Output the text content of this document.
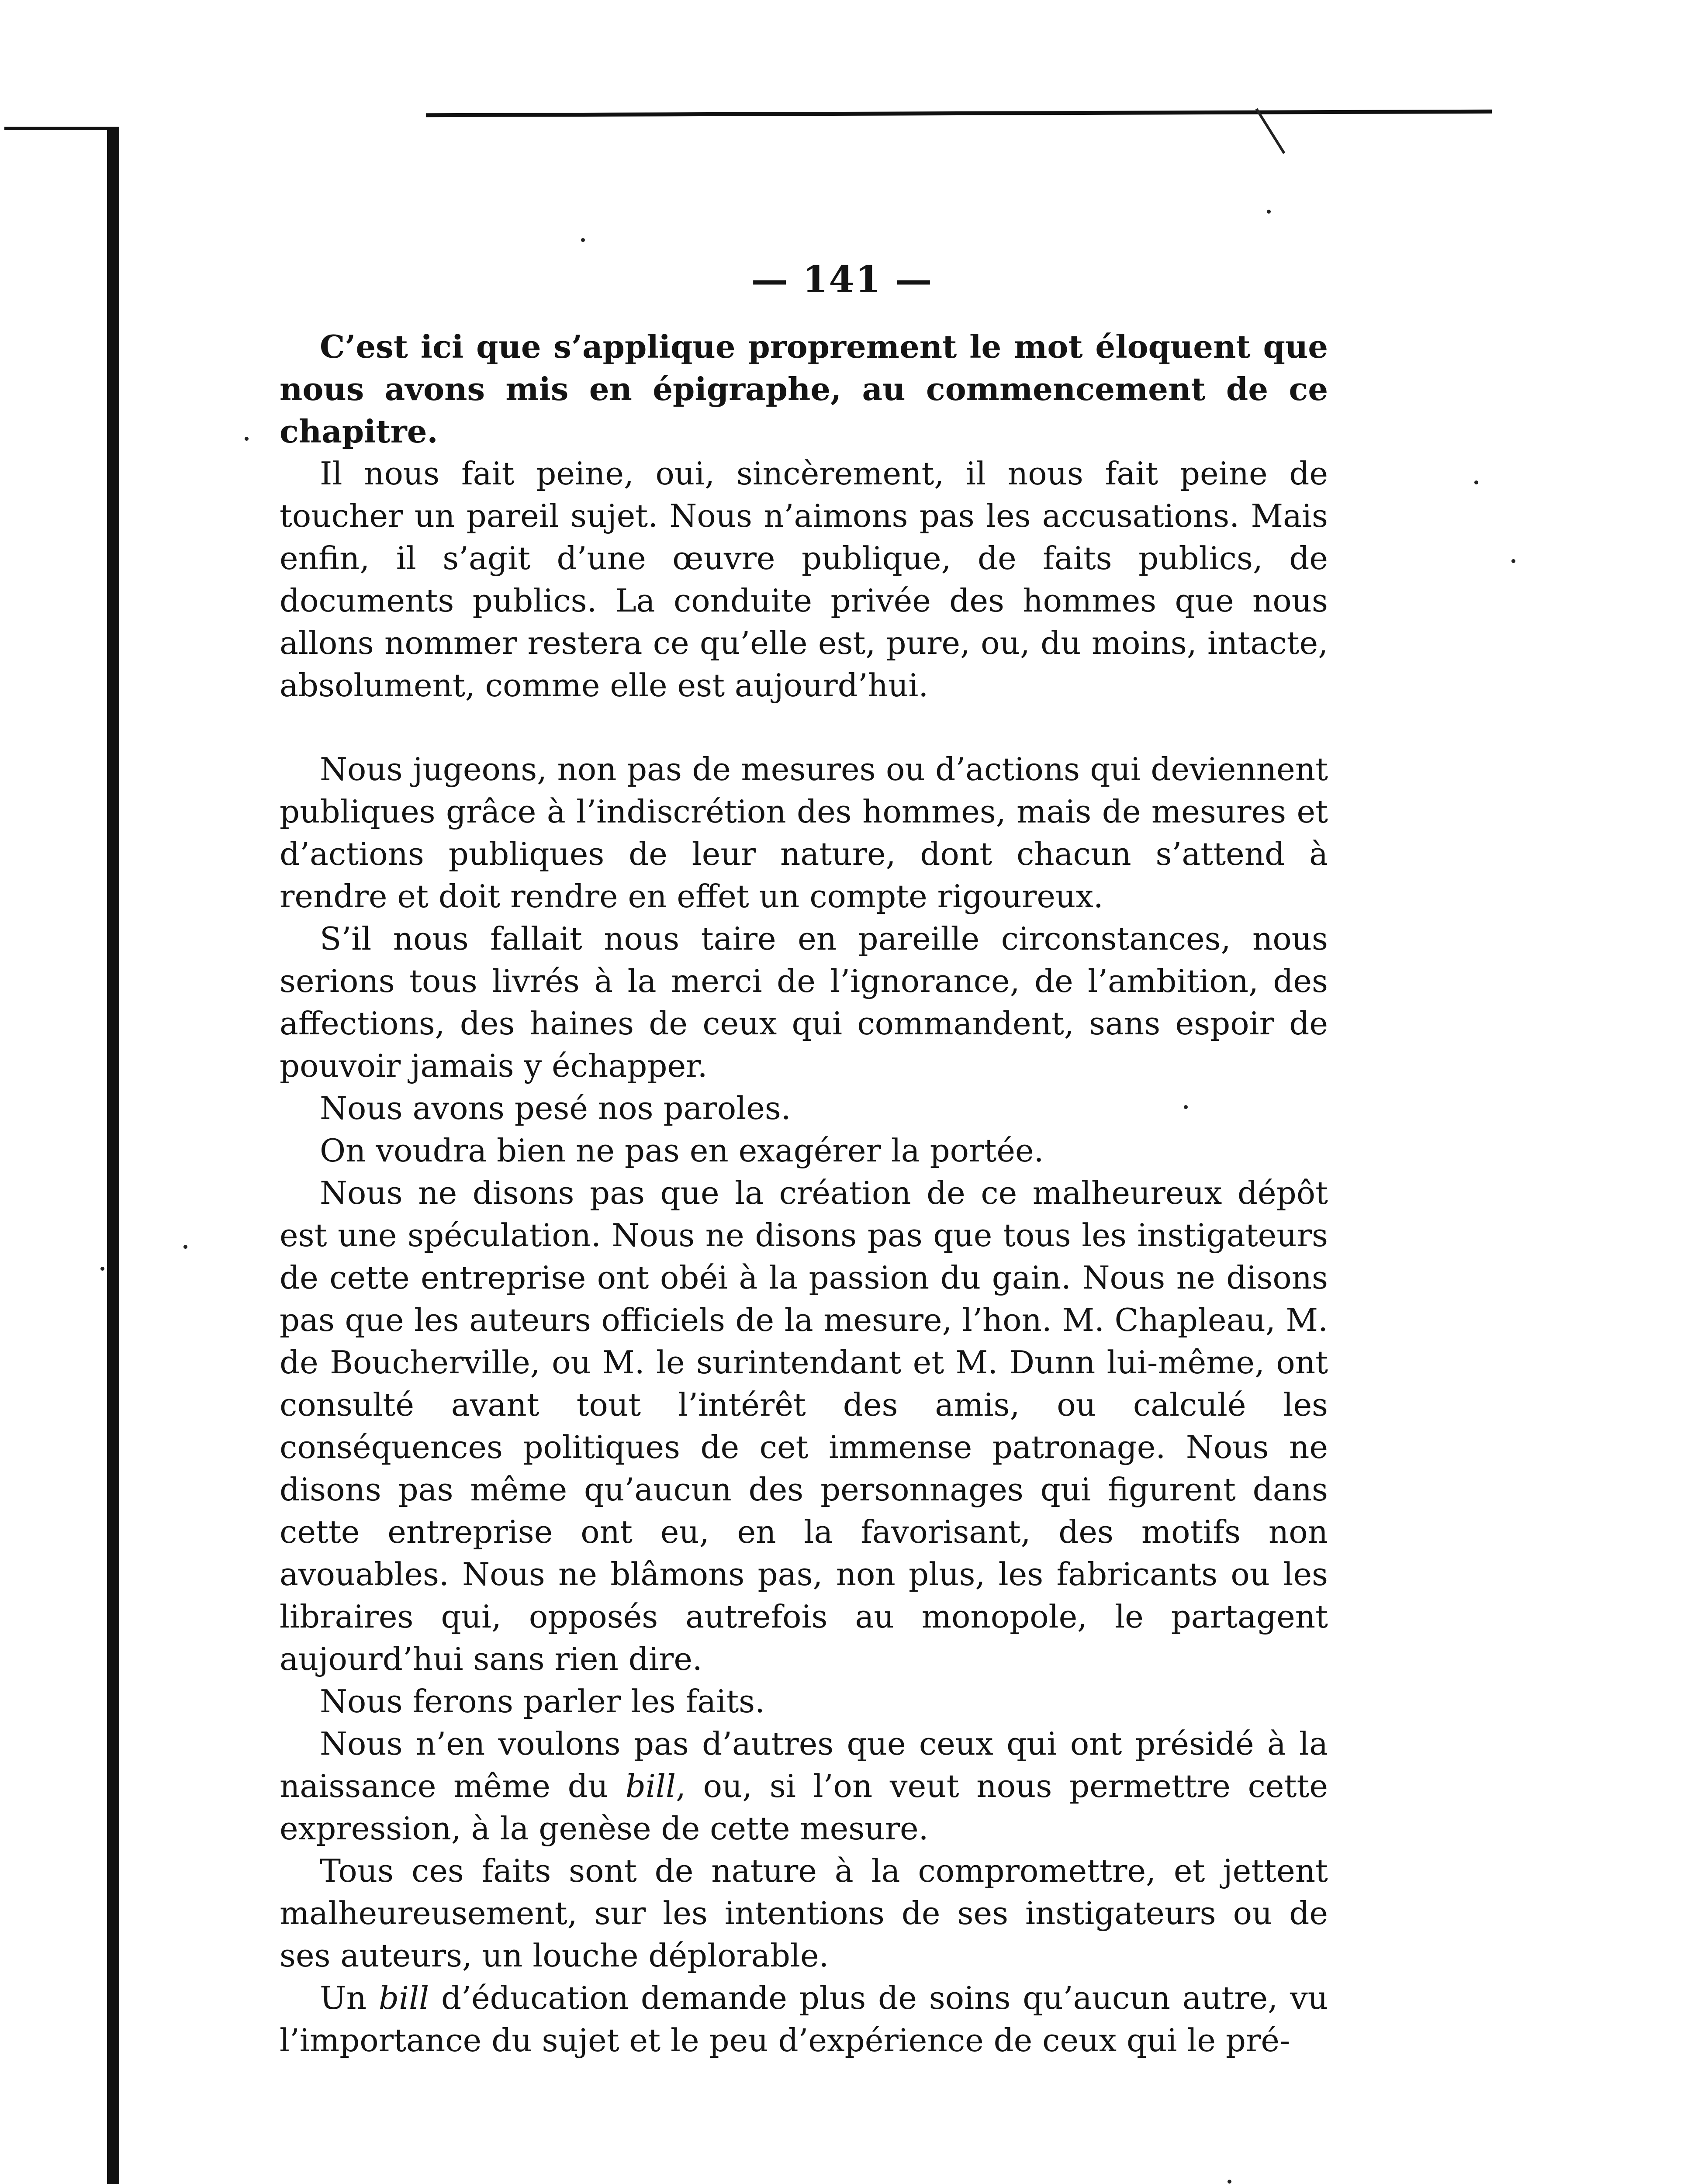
— 141 —

C’est ici que s’applique proprement le mot éloquent que nous avons mis en épigraphe, au commencement de ce chapitre.

Il nous fait peine, oui, sincèrement, il nous fait peine de toucher un pareil sujet. Nous n’aimons pas les accusations. Mais enfin, il s’agit d’une œuvre publique, de faits publics, de documents publics. La conduite privée des hommes que nous allons nommer restera ce qu’elle est, pure, ou, du moins, intacte, absolument, comme elle est aujourd’hui.

Nous jugeons, non pas de mesures ou d’actions qui deviennent publiques grâce à l’indiscrétion des hommes, mais de mesures et d’actions publiques de leur nature, dont chacun s’attend à rendre et doit rendre en effet un compte rigoureux.

S’il nous fallait nous taire en pareille circonstances, nous serions tous livrés à la merci de l’ignorance, de l’ambition, des affections, des haines de ceux qui commandent, sans espoir de pouvoir jamais y échapper.

Nous avons pesé nos paroles.

On voudra bien ne pas en exagérer la portée.

Nous ne disons pas que la création de ce malheureux dépôt est une spéculation. Nous ne disons pas que tous les instigateurs de cette entreprise ont obéi à la passion du gain. Nous ne disons pas que les auteurs officiels de la mesure, l’hon. M. Chapleau, M. de Boucherville, ou M. le surintendant et M. Dunn lui-même, ont consulté avant tout l’intérêt des amis, ou calculé les conséquences politiques de cet immense patronage. Nous ne disons pas même qu’aucun des personnages qui figurent dans cette entreprise ont eu, en la favorisant, des motifs non avouables. Nous ne blâmons pas, non plus, les fabricants ou les libraires qui, opposés autrefois au monopole, le partagent aujourd’hui sans rien dire.

Nous ferons parler les faits.

Nous n’en voulons pas d’autres que ceux qui ont présidé à la naissance même du bill, ou, si l’on veut nous permettre cette expression, à la genèse de cette mesure.

Tous ces faits sont de nature à la compromettre, et jettent malheureusement, sur les intentions de ses instigateurs ou de ses auteurs, un louche déplorable.

Un bill d’éducation demande plus de soins qu’aucun autre, vu l’importance du sujet et le peu d’expérience de ceux qui le pré-
